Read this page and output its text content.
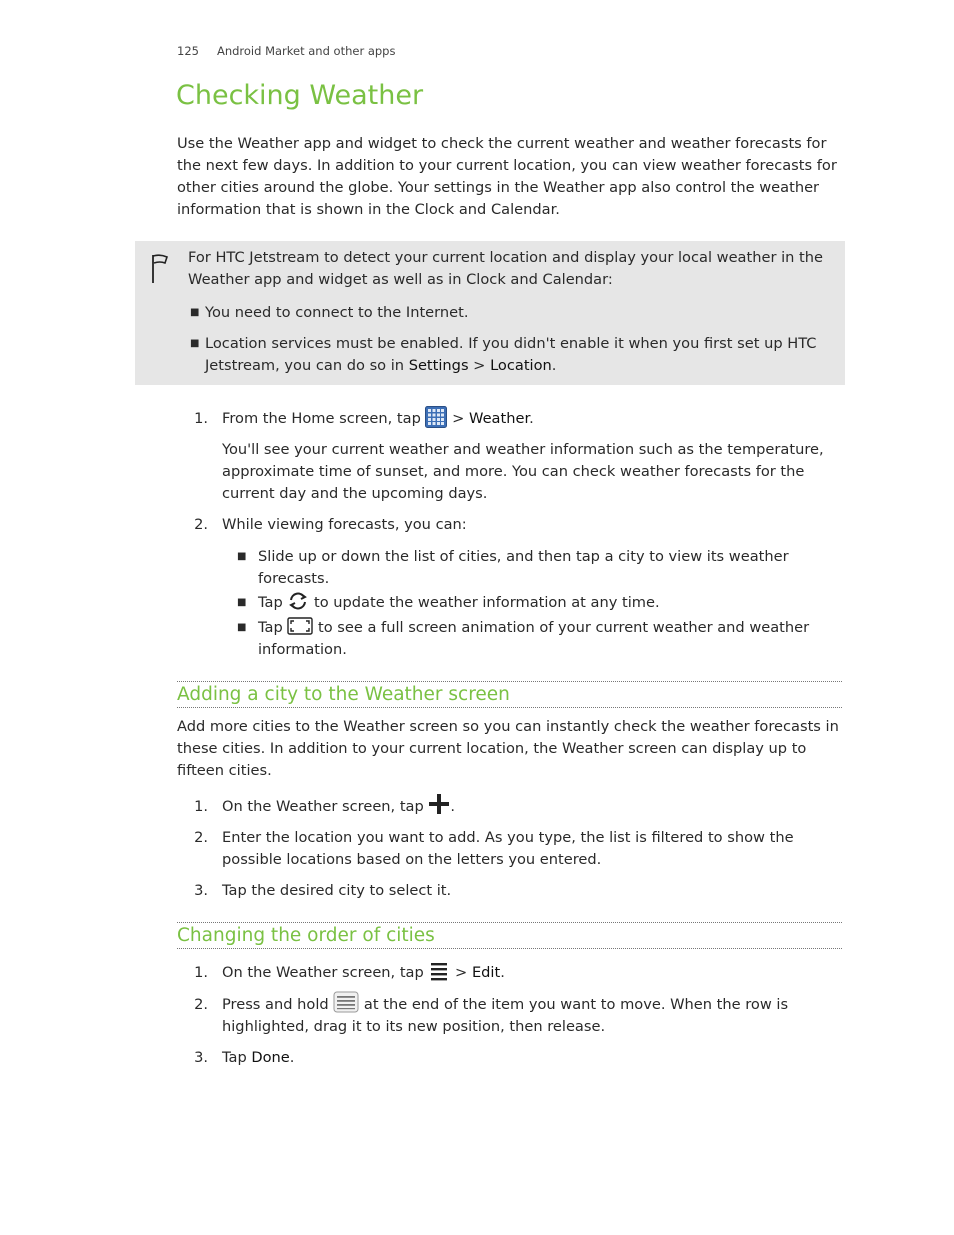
125 Android Market and other apps
Checking Weather
Use the Weather app and widget to check the current weather and weather forecasts for the next few days. In addition to your current location, you can view weather forecasts for other cities around the globe. Your settings in the Weather app also control the weather information that is shown in the Clock and Calendar.
For HTC Jetstream to detect your current location and display your local weather in the Weather app and widget as well as in Clock and Calendar:
■ You need to connect to the Internet.
■ Location services must be enabled. If you didn't enable it when you first set up HTC Jetstream, you can do so in Settings > Location.
1. From the Home screen, tap  > Weather.
You'll see your current weather and weather information such as the temperature, approximate time of sunset, and more. You can check weather forecasts for the current day and the upcoming days.
2. While viewing forecasts, you can:
■ Slide up or down the list of cities, and then tap a city to view its weather forecasts.
■ Tap  to update the weather information at any time.
■ Tap  to see a full screen animation of your current weather and weather information.
Adding a city to the Weather screen
Add more cities to the Weather screen so you can instantly check the weather forecasts in these cities. In addition to your current location, the Weather screen can display up to fifteen cities.
1. On the Weather screen, tap .
2. Enter the location you want to add. As you type, the list is filtered to show the possible locations based on the letters you entered.
3. Tap the desired city to select it.
Changing the order of cities
1. On the Weather screen, tap  > Edit.
2. Press and hold  at the end of the item you want to move. When the row is highlighted, drag it to its new position, then release.
3. Tap Done.
